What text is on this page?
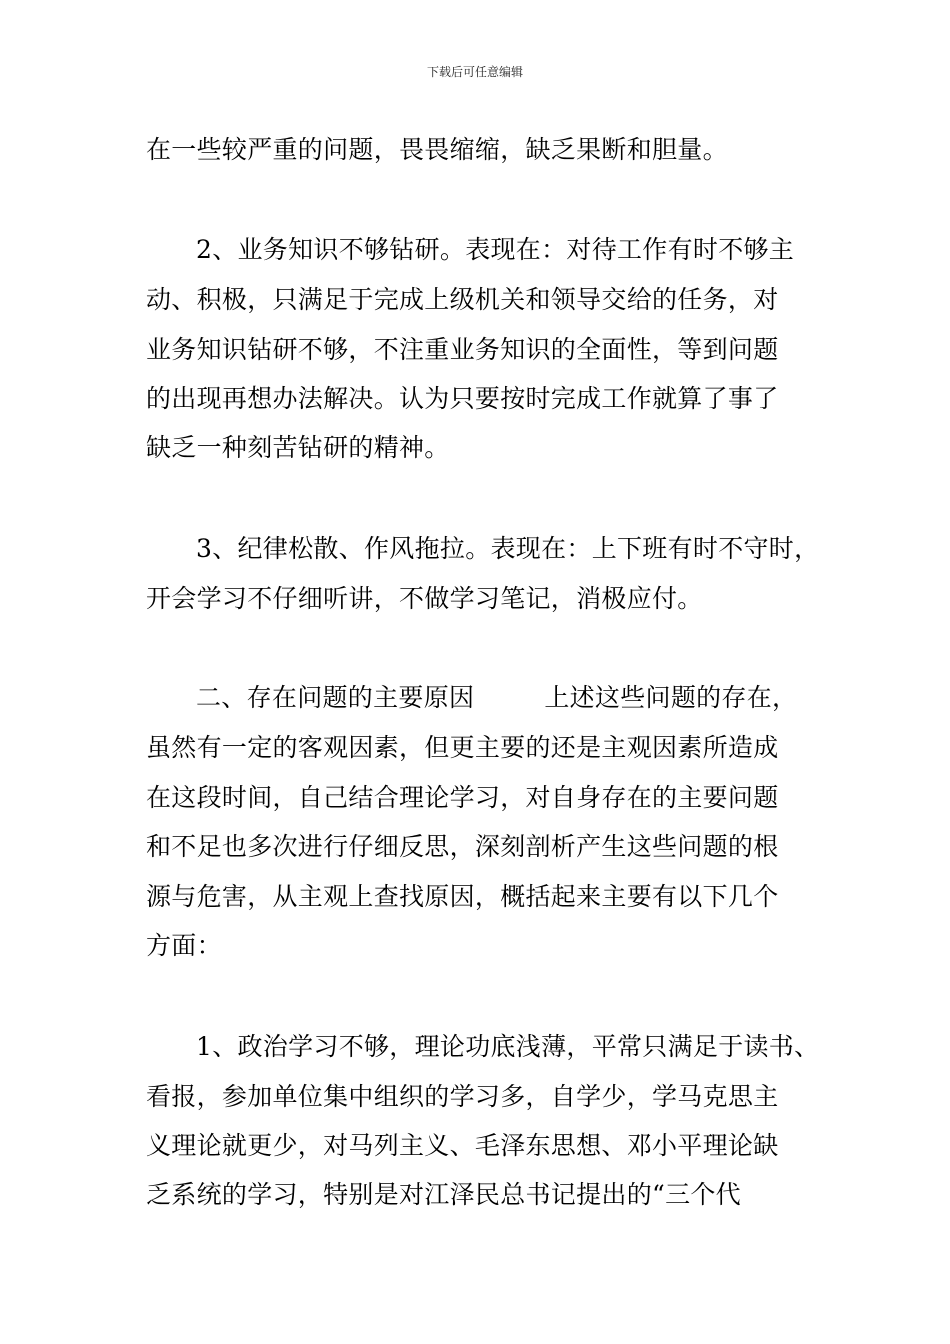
下载后可任意编辑
在一些较严重的问题，畏畏缩缩，缺乏果断和胆量。
2、业务知识不够钻研。表现在：对待工作有时不够主
动、积极，只满足于完成上级机关和领导交给的任务，对
业务知识钻研不够，不注重业务知识的全面性，等到问题
的出现再想办法解决。认为只要按时完成工作就算了事了
缺乏一种刻苦钻研的精神。
3、纪律松散、作风拖拉。表现在：上下班有时不守时，
开会学习不仔细听讲，不做学习笔记，消极应付。
二、存在问题的主要原因	上述这些问题的存在，
虽然有一定的客观因素，但更主要的还是主观因素所造成
在这段时间，自己结合理论学习，对自身存在的主要问题
和不足也多次进行仔细反思，深刻剖析产生这些问题的根
源与危害，从主观上查找原因，概括起来主要有以下几个
方面：
1、政治学习不够，理论功底浅薄，平常只满足于读书、
看报，参加单位集中组织的学习多，自学少，学马克思主
义理论就更少，对马列主义、毛泽东思想、邓小平理论缺
乏系统的学习，特别是对江泽民总书记提出的“三个代
